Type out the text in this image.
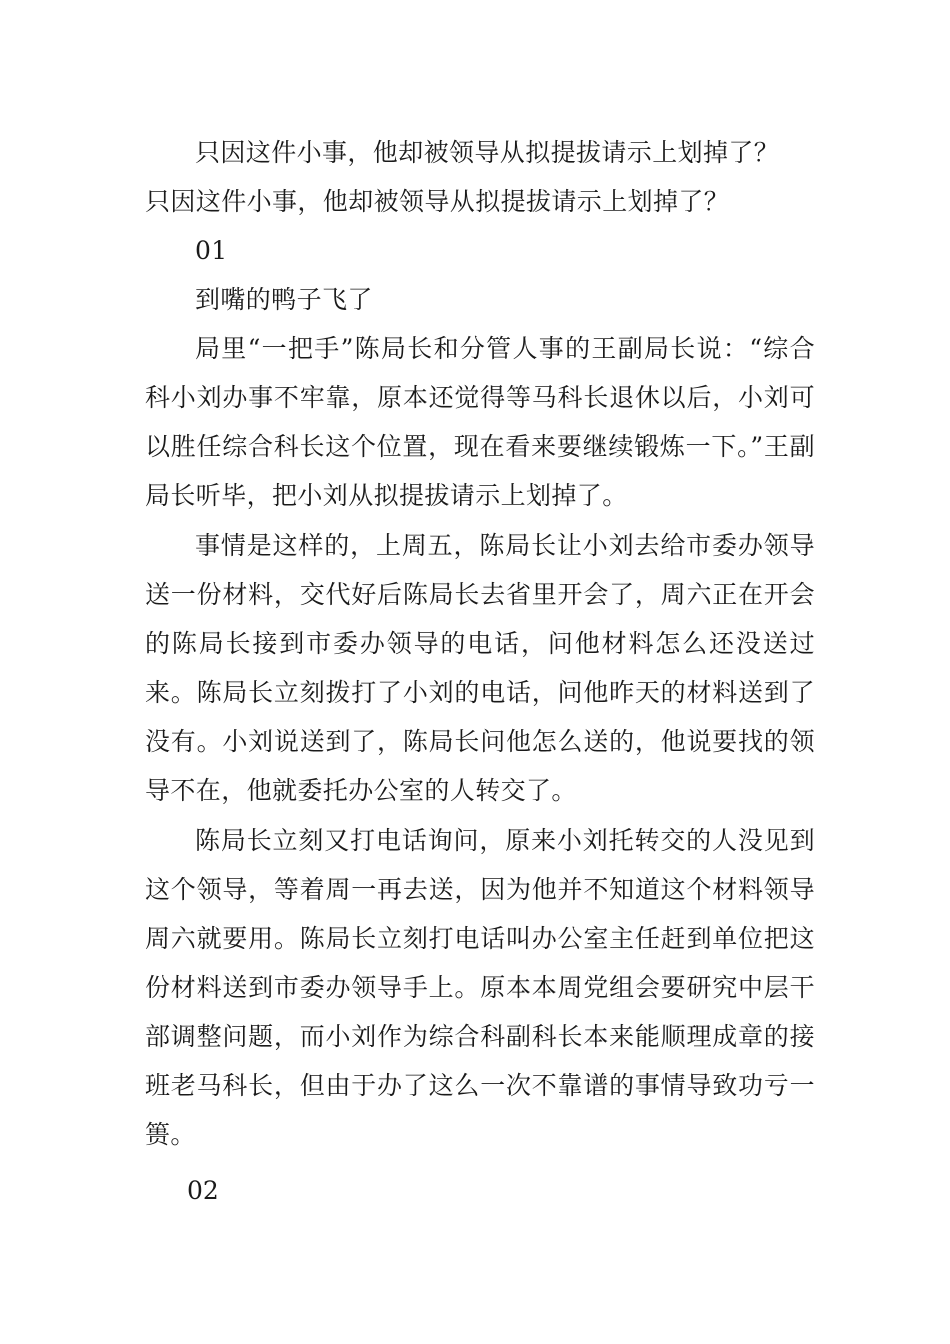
只因这件小事，他却被领导从拟提拔请示上划掉了？

只因这件小事，他却被领导从拟提拔请示上划掉了？

01

到嘴的鸭子飞了

局里“一把手”陈局长和分管人事的王副局长说：“综合科小刘办事不牢靠，原本还觉得等马科长退休以后，小刘可以胜任综合科长这个位置，现在看来要继续锻炼一下。”王副局长听毕，把小刘从拟提拔请示上划掉了。

事情是这样的，上周五，陈局长让小刘去给市委办领导送一份材料，交代好后陈局长去省里开会了，周六正在开会的陈局长接到市委办领导的电话，问他材料怎么还没送过来。陈局长立刻拨打了小刘的电话，问他昨天的材料送到了没有。小刘说送到了，陈局长问他怎么送的，他说要找的领导不在，他就委托办公室的人转交了。

陈局长立刻又打电话询问，原来小刘托转交的人没见到这个领导，等着周一再去送，因为他并不知道这个材料领导周六就要用。陈局长立刻打电话叫办公室主任赶到单位把这份材料送到市委办领导手上。原本本周党组会要研究中层干部调整问题，而小刘作为综合科副科长本来能顺理成章的接班老马科长，但由于办了这么一次不靠谱的事情导致功亏一篑。

02
